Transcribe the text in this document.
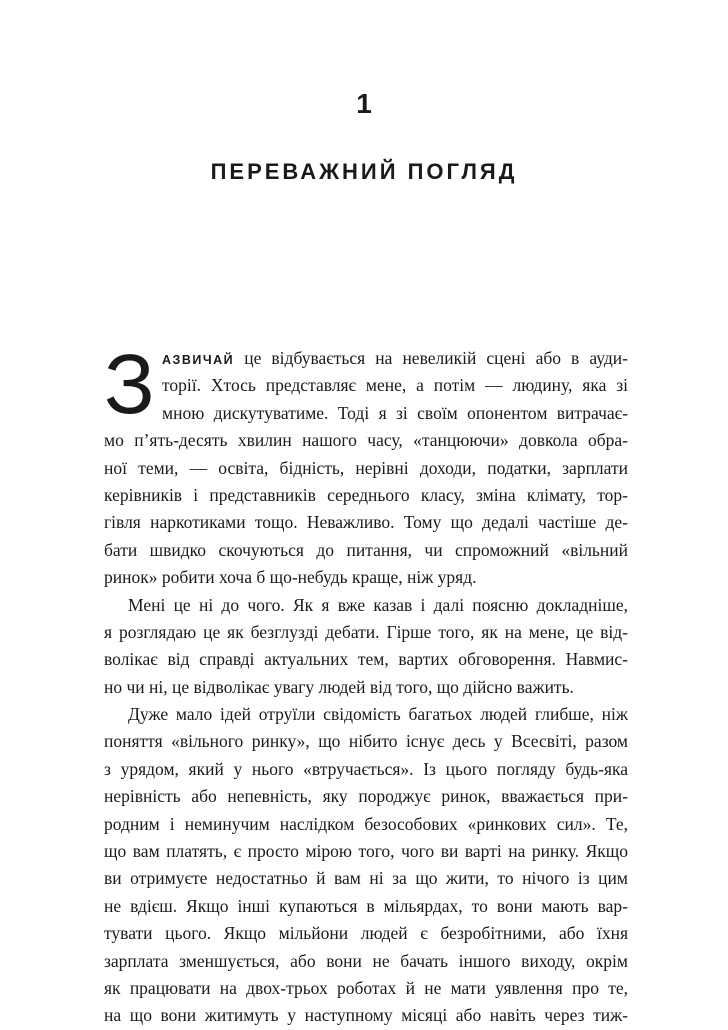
1
ПЕРЕВАЖНИЙ ПОГЛЯД
З АЗВИЧАЙ це відбувається на невеликій сцені або в ауди-
торії. Хтось представляє мене, а потім — людину, яка зі
мною дискутуватиме. Тоді я зі своїм опонентом витрачає-
мо п’ять-десять хвилин нашого часу, «танцюючи» довкола обра-
ної теми, — освіта, бідність, нерівні доходи, податки, зарплати
керівників і представників середнього класу, зміна клімату, тор-
гівля наркотиками тощо. Неважливо. Тому що дедалі частіше де-
бати швидко скочуються до питання, чи спроможний «вільний
ринок» робити хоча б що-небудь краще, ніж уряд.
Мені це ні до чого. Як я вже казав і далі поясню докладніше,
я розглядаю це як безглузді дебати. Гірше того, як на мене, це від-
волікає від справді актуальних тем, вартих обговорення. Навмис-
но чи ні, це відволікає увагу людей від того, що дійсно важить.
Дуже мало ідей отруїли свідомість багатьох людей глибше, ніж
поняття «вільного ринку», що нібито існує десь у Всесвіті, разом
з урядом, який у нього «втручається». Із цього погляду будь-яка
нерівність або непевність, яку породжує ринок, вважається при-
родним і неминучим наслідком безособових «ринкових сил». Те,
що вам платять, є просто мірою того, чого ви варті на ринку. Якщо
ви отримуєте недостатньо й вам ні за що жити, то нічого із цим
не вдієш. Якщо інші купаються в мільярдах, то вони мають вар-
тувати цього. Якщо мільйони людей є безробітними, або їхня
зарплата зменшується, або вони не бачать іншого виходу, окрім
як працювати на двох-трьох роботах й не мати уявлення про те,
на що вони житимуть у наступному місяці або навіть через тиж-
